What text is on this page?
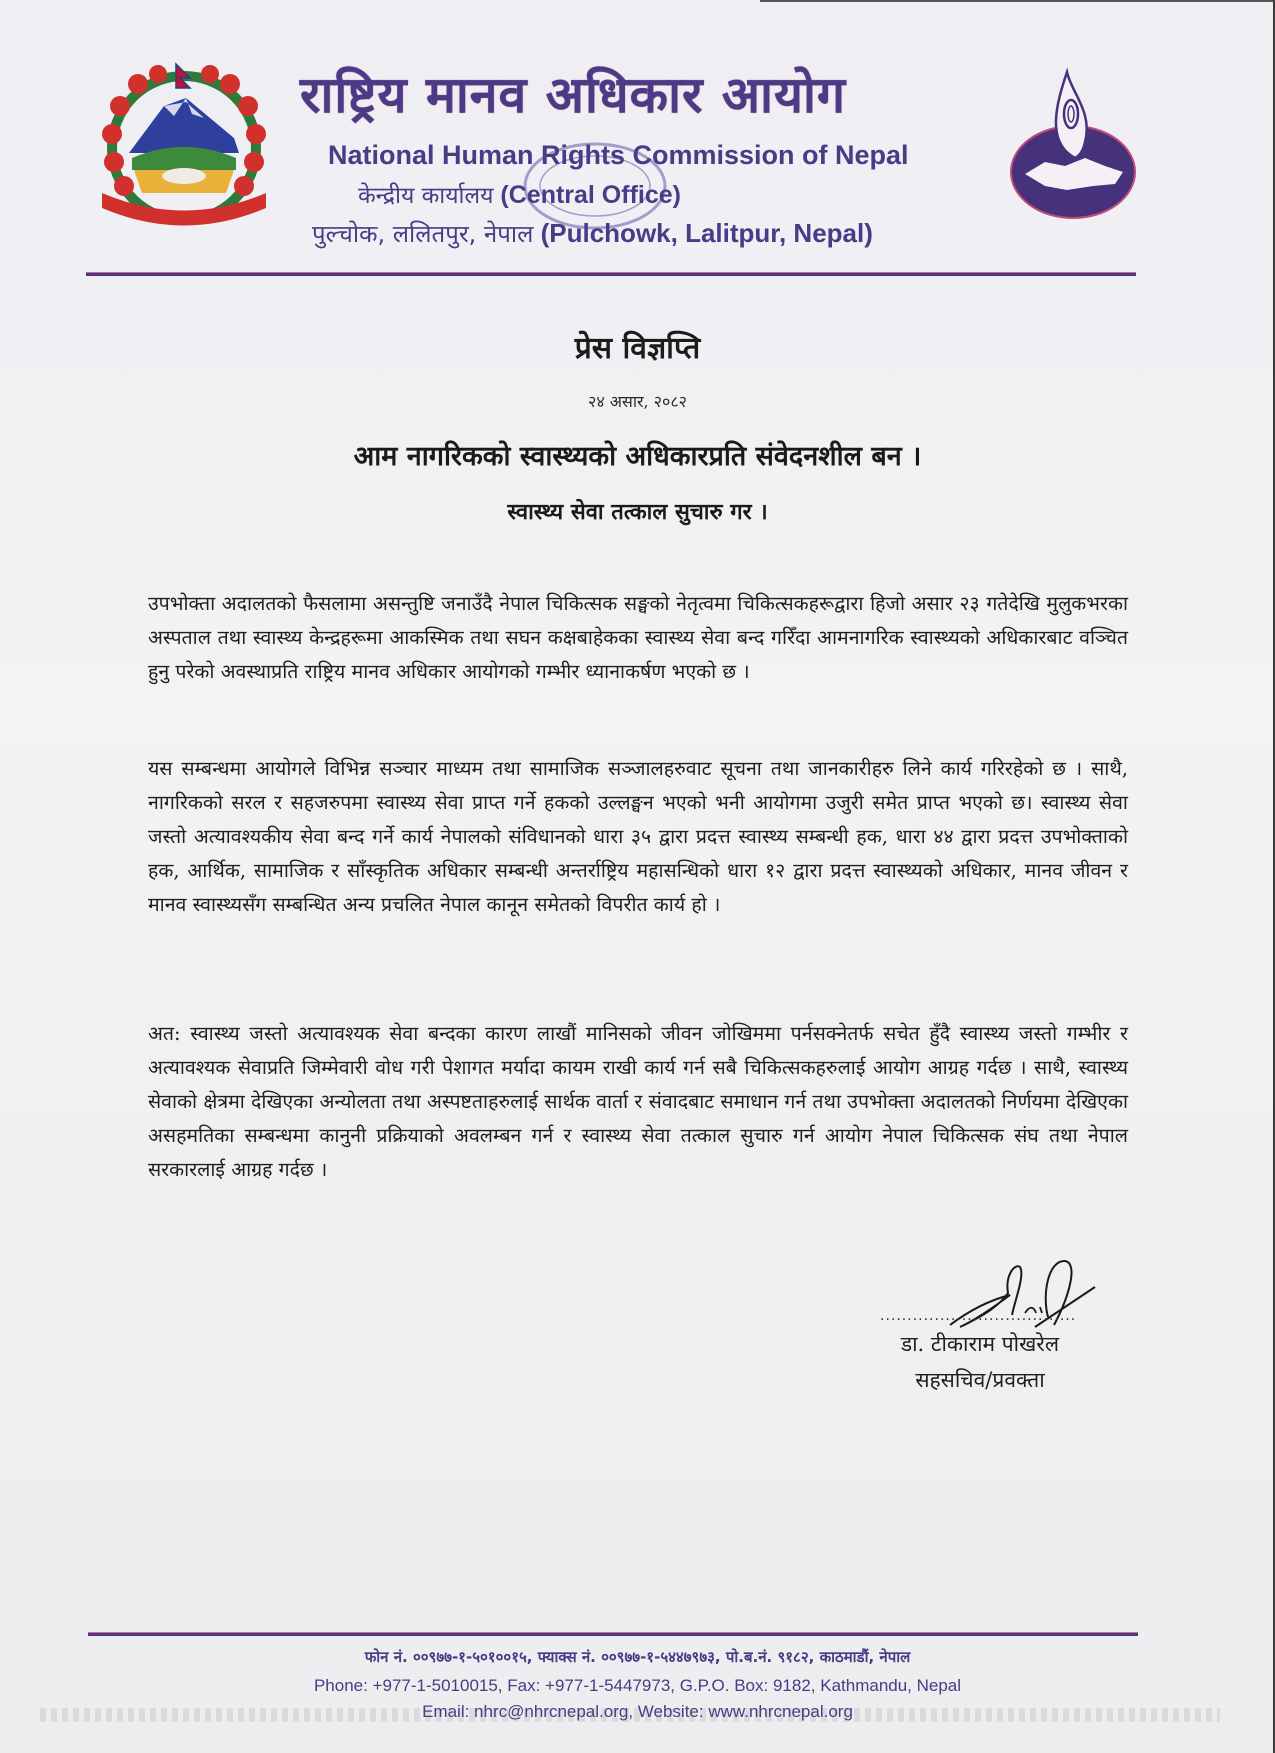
राष्ट्रिय मानव अधिकार आयोग
National Human Rights Commission of Nepal
केन्द्रीय कार्यालय (Central Office)
पुल्चोक, ललितपुर, नेपाल (Pulchowk, Lalitpur, Nepal)
प्रेस विज्ञप्ति
२४ असार, २०८२
आम नागरिकको स्वास्थ्यको अधिकारप्रति संवेदनशील बन ।
स्वास्थ्य सेवा तत्काल सुचारु गर ।

उपभोक्ता अदालतको फैसलामा असन्तुष्टि जनाउँदै नेपाल चिकित्सक सङ्घको नेतृत्वमा चिकित्सकहरूद्वारा हिजो असार २३ गतेदेखि मुलुकभरका अस्पताल तथा स्वास्थ्य केन्द्रहरूमा आकस्मिक तथा सघन कक्षबाहेकका स्वास्थ्य सेवा बन्द गरिँदा आमनागरिक स्वास्थ्यको अधिकारबाट वञ्चित हुनु परेको अवस्थाप्रति राष्ट्रिय मानव अधिकार आयोगको गम्भीर ध्यानाकर्षण भएको छ ।

यस सम्बन्धमा आयोगले विभिन्न सञ्चार माध्यम तथा सामाजिक सञ्जालहरुवाट सूचना तथा जानकारीहरु लिने कार्य गरिरहेको छ । साथै, नागरिकको सरल र सहजरुपमा स्वास्थ्य सेवा प्राप्त गर्ने हकको उल्लङ्घन भएको भनी आयोगमा उजुरी समेत प्राप्त भएको छ। स्वास्थ्य सेवा जस्तो अत्यावश्यकीय सेवा बन्द गर्ने कार्य नेपालको संविधानको धारा ३५ द्वारा प्रदत्त स्वास्थ्य सम्बन्धी हक, धारा ४४ द्वारा प्रदत्त उपभोक्ताको हक, आर्थिक, सामाजिक र साँस्कृतिक अधिकार सम्बन्धी अन्तर्राष्ट्रिय महासन्धिको धारा १२ द्वारा प्रदत्त स्वास्थ्यको अधिकार, मानव जीवन र मानव स्वास्थ्यसँग सम्बन्धित अन्य प्रचलित नेपाल कानून समेतको विपरीत कार्य हो ।

अत: स्वास्थ्य जस्तो अत्यावश्यक सेवा बन्दका कारण लाखौं मानिसको जीवन जोखिममा पर्नसक्नेतर्फ सचेत हुँदै स्वास्थ्य जस्तो गम्भीर र अत्यावश्यक सेवाप्रति जिम्मेवारी वोध गरी पेशागत मर्यादा कायम राखी कार्य गर्न सबै चिकित्सकहरुलाई आयोग आग्रह गर्दछ । साथै, स्वास्थ्य सेवाको क्षेत्रमा देखिएका अन्योलता तथा अस्पष्टताहरुलाई सार्थक वार्ता र संवादबाट समाधान गर्न तथा उपभोक्ता अदालतको निर्णयमा देखिएका असहमतिका सम्बन्धमा कानुनी प्रक्रियाको अवलम्बन गर्न र स्वास्थ्य सेवा तत्काल सुचारु गर्न आयोग नेपाल चिकित्सक संघ तथा नेपाल सरकारलाई आग्रह गर्दछ ।

....................................
डा. टीकाराम पोखरेल
सहसचिव/प्रवक्ता
फोन नं. ००९७७-१-५०१००१५, फ्याक्स नं. ००९७७-१-५४४७९७३, पो.ब.नं. ९१८२, काठमाडौं, नेपाल
Phone: +977-1-5010015, Fax: +977-1-5447973, G.P.O. Box: 9182, Kathmandu, Nepal
Email: nhrc@nhrcnepal.org, Website: www.nhrcnepal.org
